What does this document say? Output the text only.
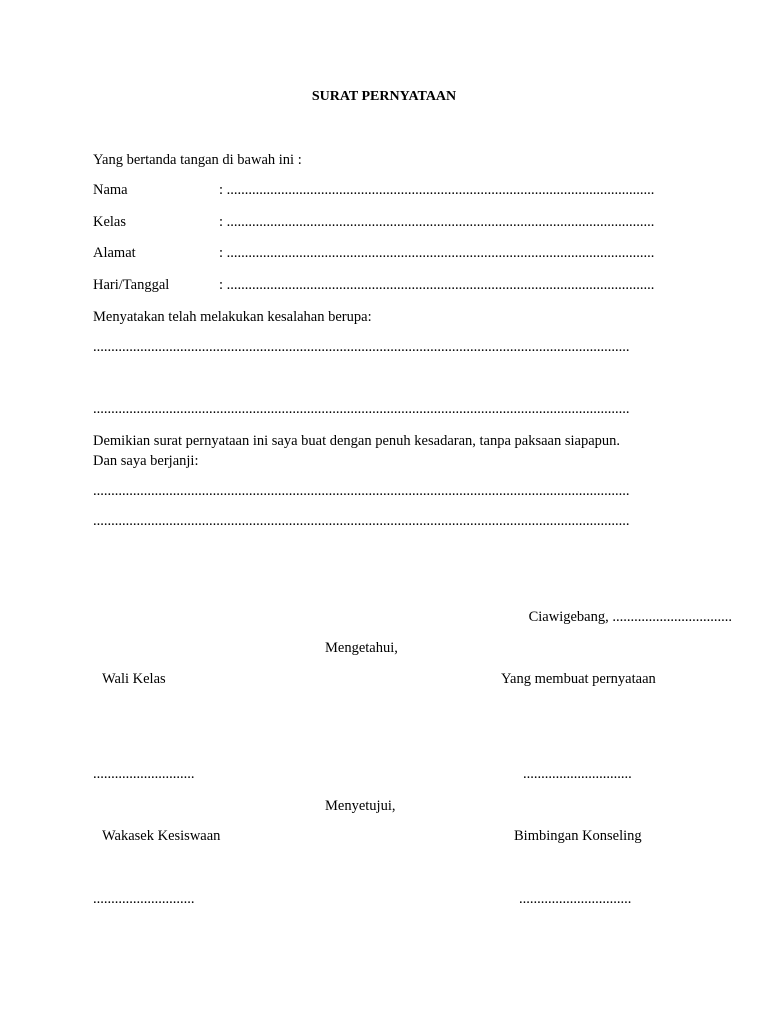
SURAT PERNYATAAN
Yang bertanda tangan di bawah ini :
Nama	: ......................................................................................................................
Kelas	: ......................................................................................................................
Alamat	: ......................................................................................................................
Hari/Tanggal	: ......................................................................................................................
Menyatakan telah melakukan kesalahan berupa:
....................................................................................................................................................
....................................................................................................................................................
Demikian surat pernyataan ini saya buat dengan penuh kesadaran, tanpa paksaan siapapun.
Dan saya berjanji:
....................................................................................................................................................
....................................................................................................................................................
Ciawigebang, .................................
Mengetahui,
Wali Kelas	Yang membuat pernyataan
............................	..............................
Menyetujui,
Wakasek Kesiswaan	Bimbingan Konseling
............................	...............................
